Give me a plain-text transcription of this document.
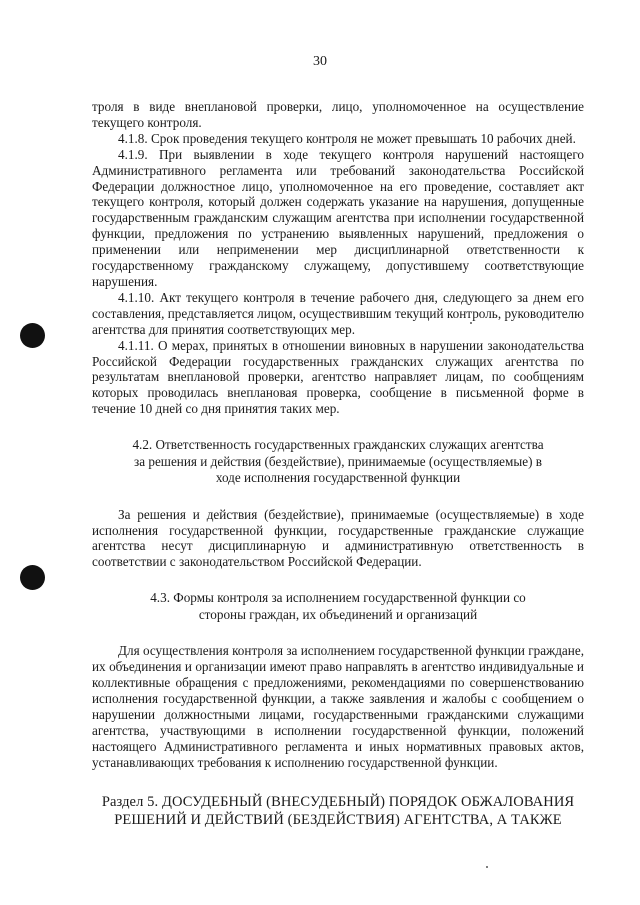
30

троля в виде внеплановой проверки, лицо, уполномоченное на осуществление текущего контроля.

4.1.8. Срок проведения текущего контроля не может превышать 10 рабочих дней.

4.1.9. При выявлении в ходе текущего контроля нарушений настоящего Административного регламента или требований законодательства Российской Федерации должностное лицо, уполномоченное на его проведение, составляет акт текущего контроля, который должен содержать указание на нарушения, допущенные государственным гражданским служащим агентства при исполнении государственной функции, предложения по устранению выявленных нарушений, предложения о применении или неприменении мер дисциплинарной ответственности к государственному гражданскому служащему, допустившему соответствующие нарушения.

4.1.10. Акт текущего контроля в течение рабочего дня, следующего за днем его составления, представляется лицом, осуществившим текущий контроль, руководителю агентства для принятия соответствующих мер.

4.1.11. О мерах, принятых в отношении виновных в нарушении законодательства Российской Федерации государственных гражданских служащих агентства по результатам внеплановой проверки, агентство направляет лицам, по сообщениям которых проводилась внеплановая проверка, сообщение в письменной форме в течение 10 дней со дня принятия таких мер.

4.2. Ответственность государственных гражданских служащих агентства за решения и действия (бездействие), принимаемые (осуществляемые) в ходе исполнения государственной функции

За решения и действия (бездействие), принимаемые (осуществляемые) в ходе исполнения государственной функции, государственные гражданские служащие агентства несут дисциплинарную и административную ответственность в соответствии с законодательством Российской Федерации.

4.3. Формы контроля за исполнением государственной функции со стороны граждан, их объединений и организаций

Для осуществления контроля за исполнением государственной функции граждане, их объединения и организации имеют право направлять в агентство индивидуальные и коллективные обращения с предложениями, рекомендациями по совершенствованию исполнения государственной функции, а также заявления и жалобы с сообщением о нарушении должностными лицами, государственными гражданскими служащими агентства, участвующими в исполнении государственной функции, положений настоящего Административного регламента и иных нормативных правовых актов, устанавливающих требования к исполнению государственной функции.

Раздел 5. ДОСУДЕБНЫЙ (ВНЕСУДЕБНЫЙ) ПОРЯДОК ОБЖАЛОВАНИЯ РЕШЕНИЙ И ДЕЙСТВИЙ (БЕЗДЕЙСТВИЯ) АГЕНТСТВА, А ТАКЖЕ
